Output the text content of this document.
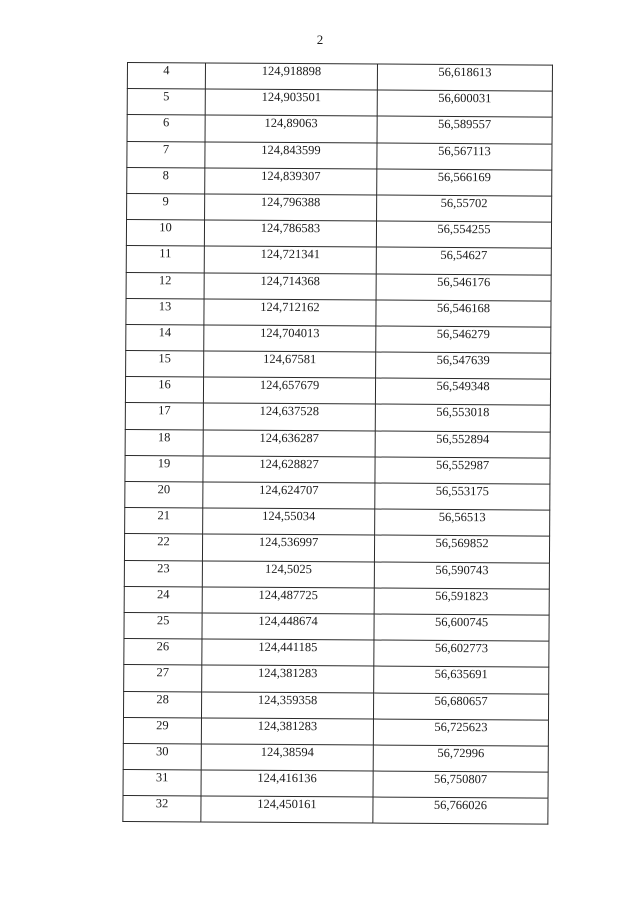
2
4	124,918898	56,618613
5	124,903501	56,600031
6	124,89063	56,589557
7	124,843599	56,567113
8	124,839307	56,566169
9	124,796388	56,55702
10	124,786583	56,554255
11	124,721341	56,54627
12	124,714368	56,546176
13	124,712162	56,546168
14	124,704013	56,546279
15	124,67581	56,547639
16	124,657679	56,549348
17	124,637528	56,553018
18	124,636287	56,552894
19	124,628827	56,552987
20	124,624707	56,553175
21	124,55034	56,56513
22	124,536997	56,569852
23	124,5025	56,590743
24	124,487725	56,591823
25	124,448674	56,600745
26	124,441185	56,602773
27	124,381283	56,635691
28	124,359358	56,680657
29	124,381283	56,725623
30	124,38594	56,72996
31	124,416136	56,750807
32	124,450161	56,766026
